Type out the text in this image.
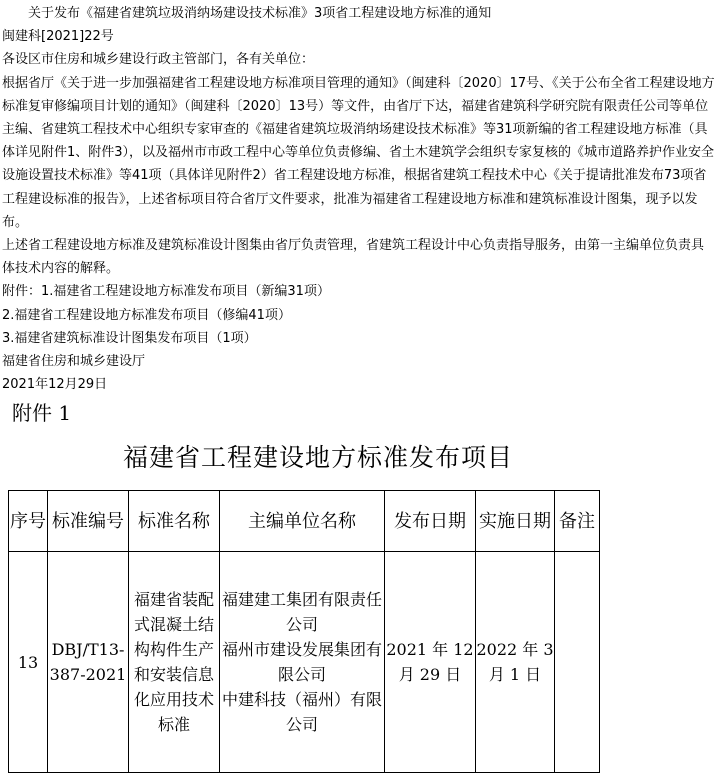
关于发布《福建省建筑垃圾消纳场建设技术标准》3项省工程建设地方标准的通知

闽建科[2021]22号

各设区市住房和城乡建设行政主管部门，各有关单位：

根据省厅《关于进一步加强福建省工程建设地方标准项目管理的通知》（闽建科〔2020〕17号、《关于公布全省工程建设地方标准复审修编项目计划的通知》（闽建科〔2020〕13号）等文件，由省厅下达，福建省建筑科学研究院有限责任公司等单位主编、省建筑工程技术中心组织专家审查的《福建省建筑垃圾消纳场建设技术标准》等31项新编的省工程建设地方标准（具体详见附件1、附件3），以及福州市市政工程中心等单位负责修编、省土木建筑学会组织专家复核的《城市道路养护作业安全设施设置技术标准》等41项（具体详见附件2）省工程建设地方标准，根据省建筑工程技术中心《关于提请批准发布73项省工程建设标准的报告》，上述省标项目符合省厅文件要求，批准为福建省工程建设地方标准和建筑标准设计图集，现予以发布。

上述省工程建设地方标准及建筑标准设计图集由省厅负责管理，省建筑工程设计中心负责指导服务，由第一主编单位负责具体技术内容的解释。

附件：1.福建省工程建设地方标准发布项目（新编31项）

2.福建省工程建设地方标准发布项目（修编41项）

3.福建省建筑标准设计图集发布项目（1项）

福建省住房和城乡建设厅

2021年12月29日

附件 1
福建省工程建设地方标准发布项目
序号	标准编号	标准名称	主编单位名称	发布日期	实施日期	备注
13	DBJ/T13-387-2021	福建省装配式混凝土结构构件生产和安装信息化应用技术标准	福建建工集团有限责任公司
福州市建设发展集团有限公司
中建科技（福州）有限公司	2021 年 12 月 29 日	2022 年 3 月 1 日	
